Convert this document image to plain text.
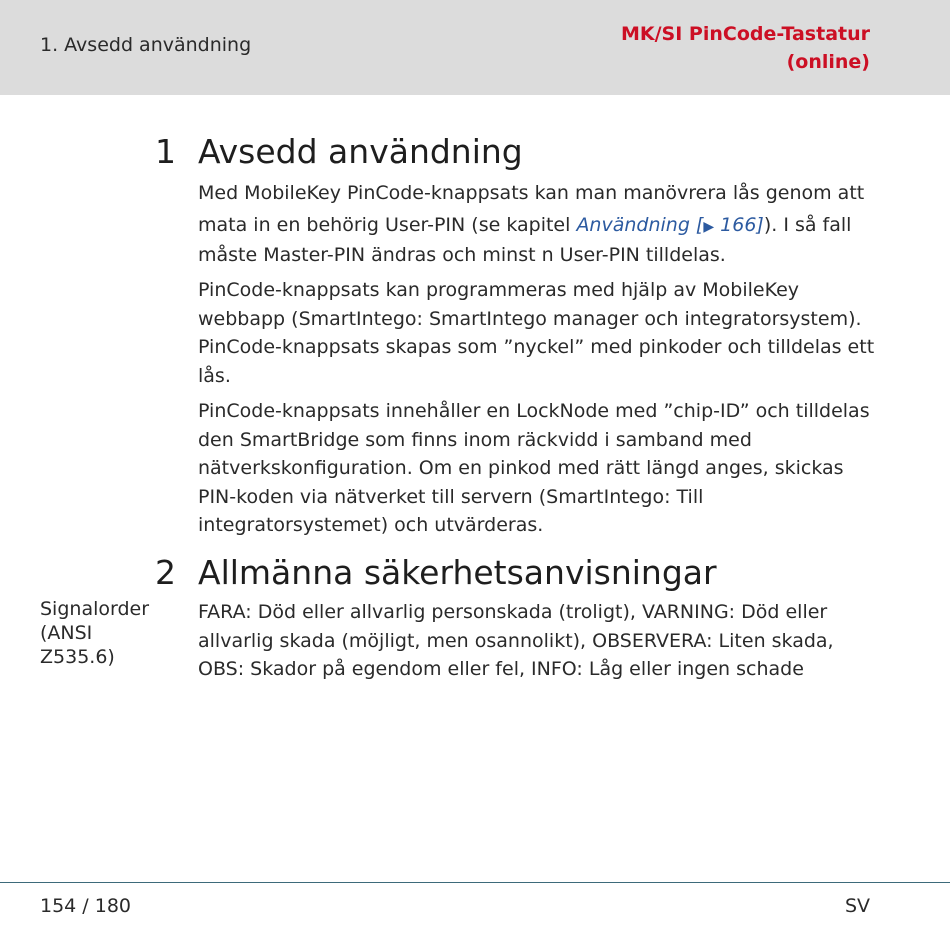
1. Avsedd användning	MK/SI PinCode-Tastatur
(online)
1 Avsedd användning
Med MobileKey PinCode-knappsats kan man manövrera lås genom att
mata in en behörig User-PIN (se kapitel Användning [▶ 166]). I så fall
måste Master-PIN ändras och minst n User-PIN tilldelas.
PinCode-knappsats kan programmeras med hjälp av MobileKey
webbapp (SmartIntego: SmartIntego manager och integratorsystem).
PinCode-knappsats skapas som ”nyckel” med pinkoder och tilldelas ett
lås.
PinCode-knappsats innehåller en LockNode med ”chip-ID” och tilldelas
den SmartBridge som finns inom räckvidd i samband med
nätverkskonfiguration. Om en pinkod med rätt längd anges, skickas
PIN-koden via nätverket till servern (SmartIntego: Till
integratorsystemet) och utvärderas.
2 Allmänna säkerhetsanvisningar
Signalorder
(ANSI
Z535.6)
FARA: Död eller allvarlig personskada (troligt), VARNING: Död eller
allvarlig skada (möjligt, men osannolikt), OBSERVERA: Liten skada,
OBS: Skador på egendom eller fel, INFO: Låg eller ingen schade
154 / 180	SV
